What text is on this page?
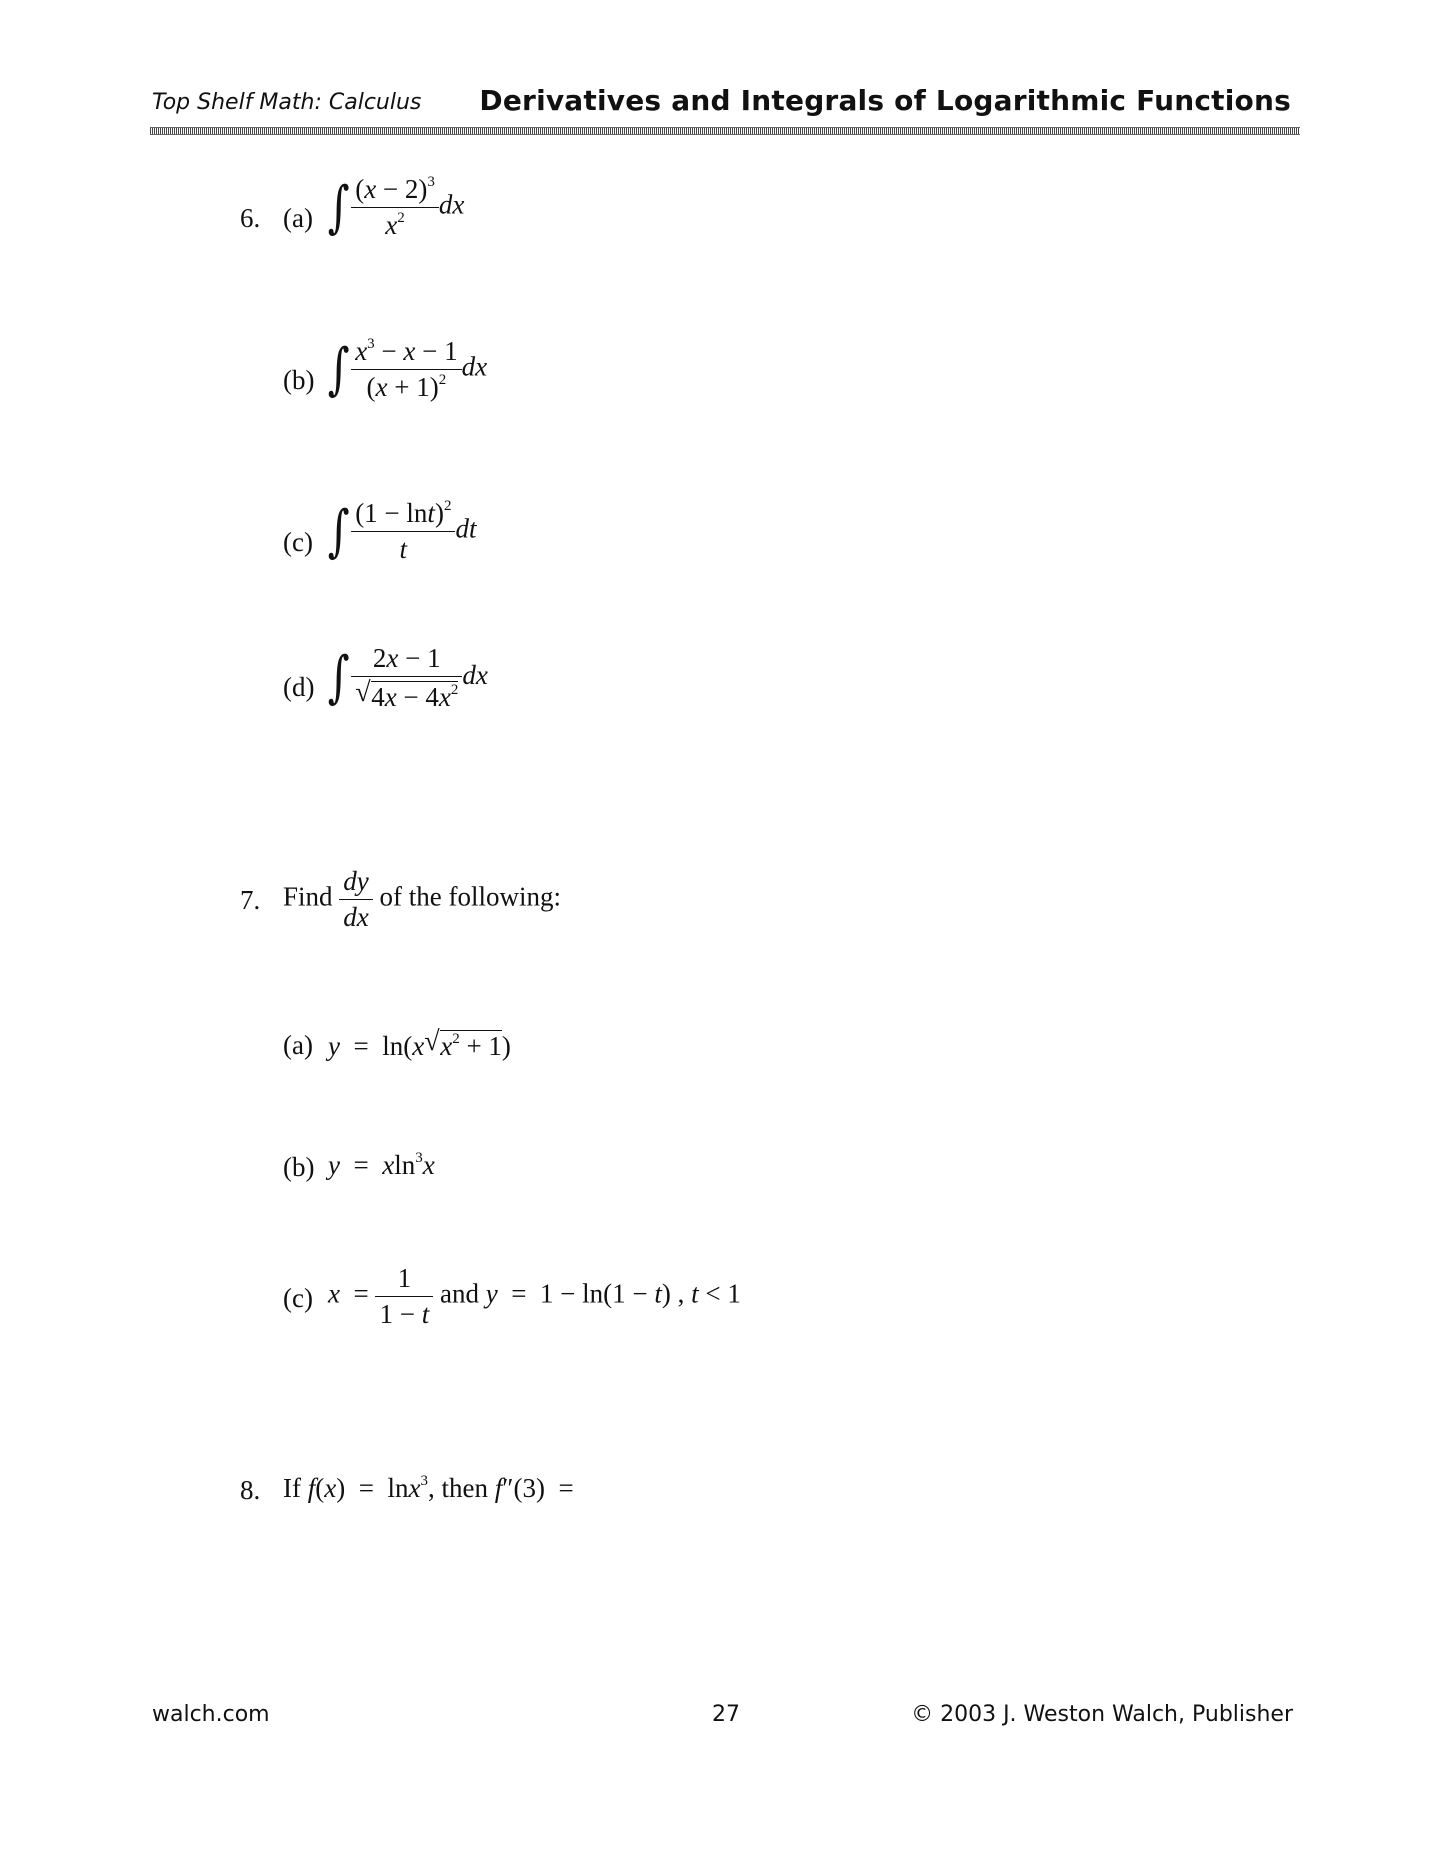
Top Shelf Math: Calculus Derivatives and Integrals of Logarithmic Functions
6. (a) ∫ $\frac{(x - 2)^3}{x^2}$ dx
(b) ∫ $\frac{x^3 - x - 1}{(x + 1)^2}$ dx
(c) ∫ $\frac{(1 - \ln t)^2}{t}$ dt
(d) ∫ $\frac{2x - 1}{√ 4x - 4x^2}$ dx
7. Find $\frac{dy}{dx}$ of the following:
(a) y  =  ln(x √ $x^2 + 1$)
(b) y  =  xln$^3$x
(c) $x = \frac{1}{1 - t}$ and y  =  1 − ln(1 − t) , t < 1
8. If f(x)  =  lnx$^3$, then f″(3)  =
walch.com	27	© 2003 J. Weston Walch, Publisher
